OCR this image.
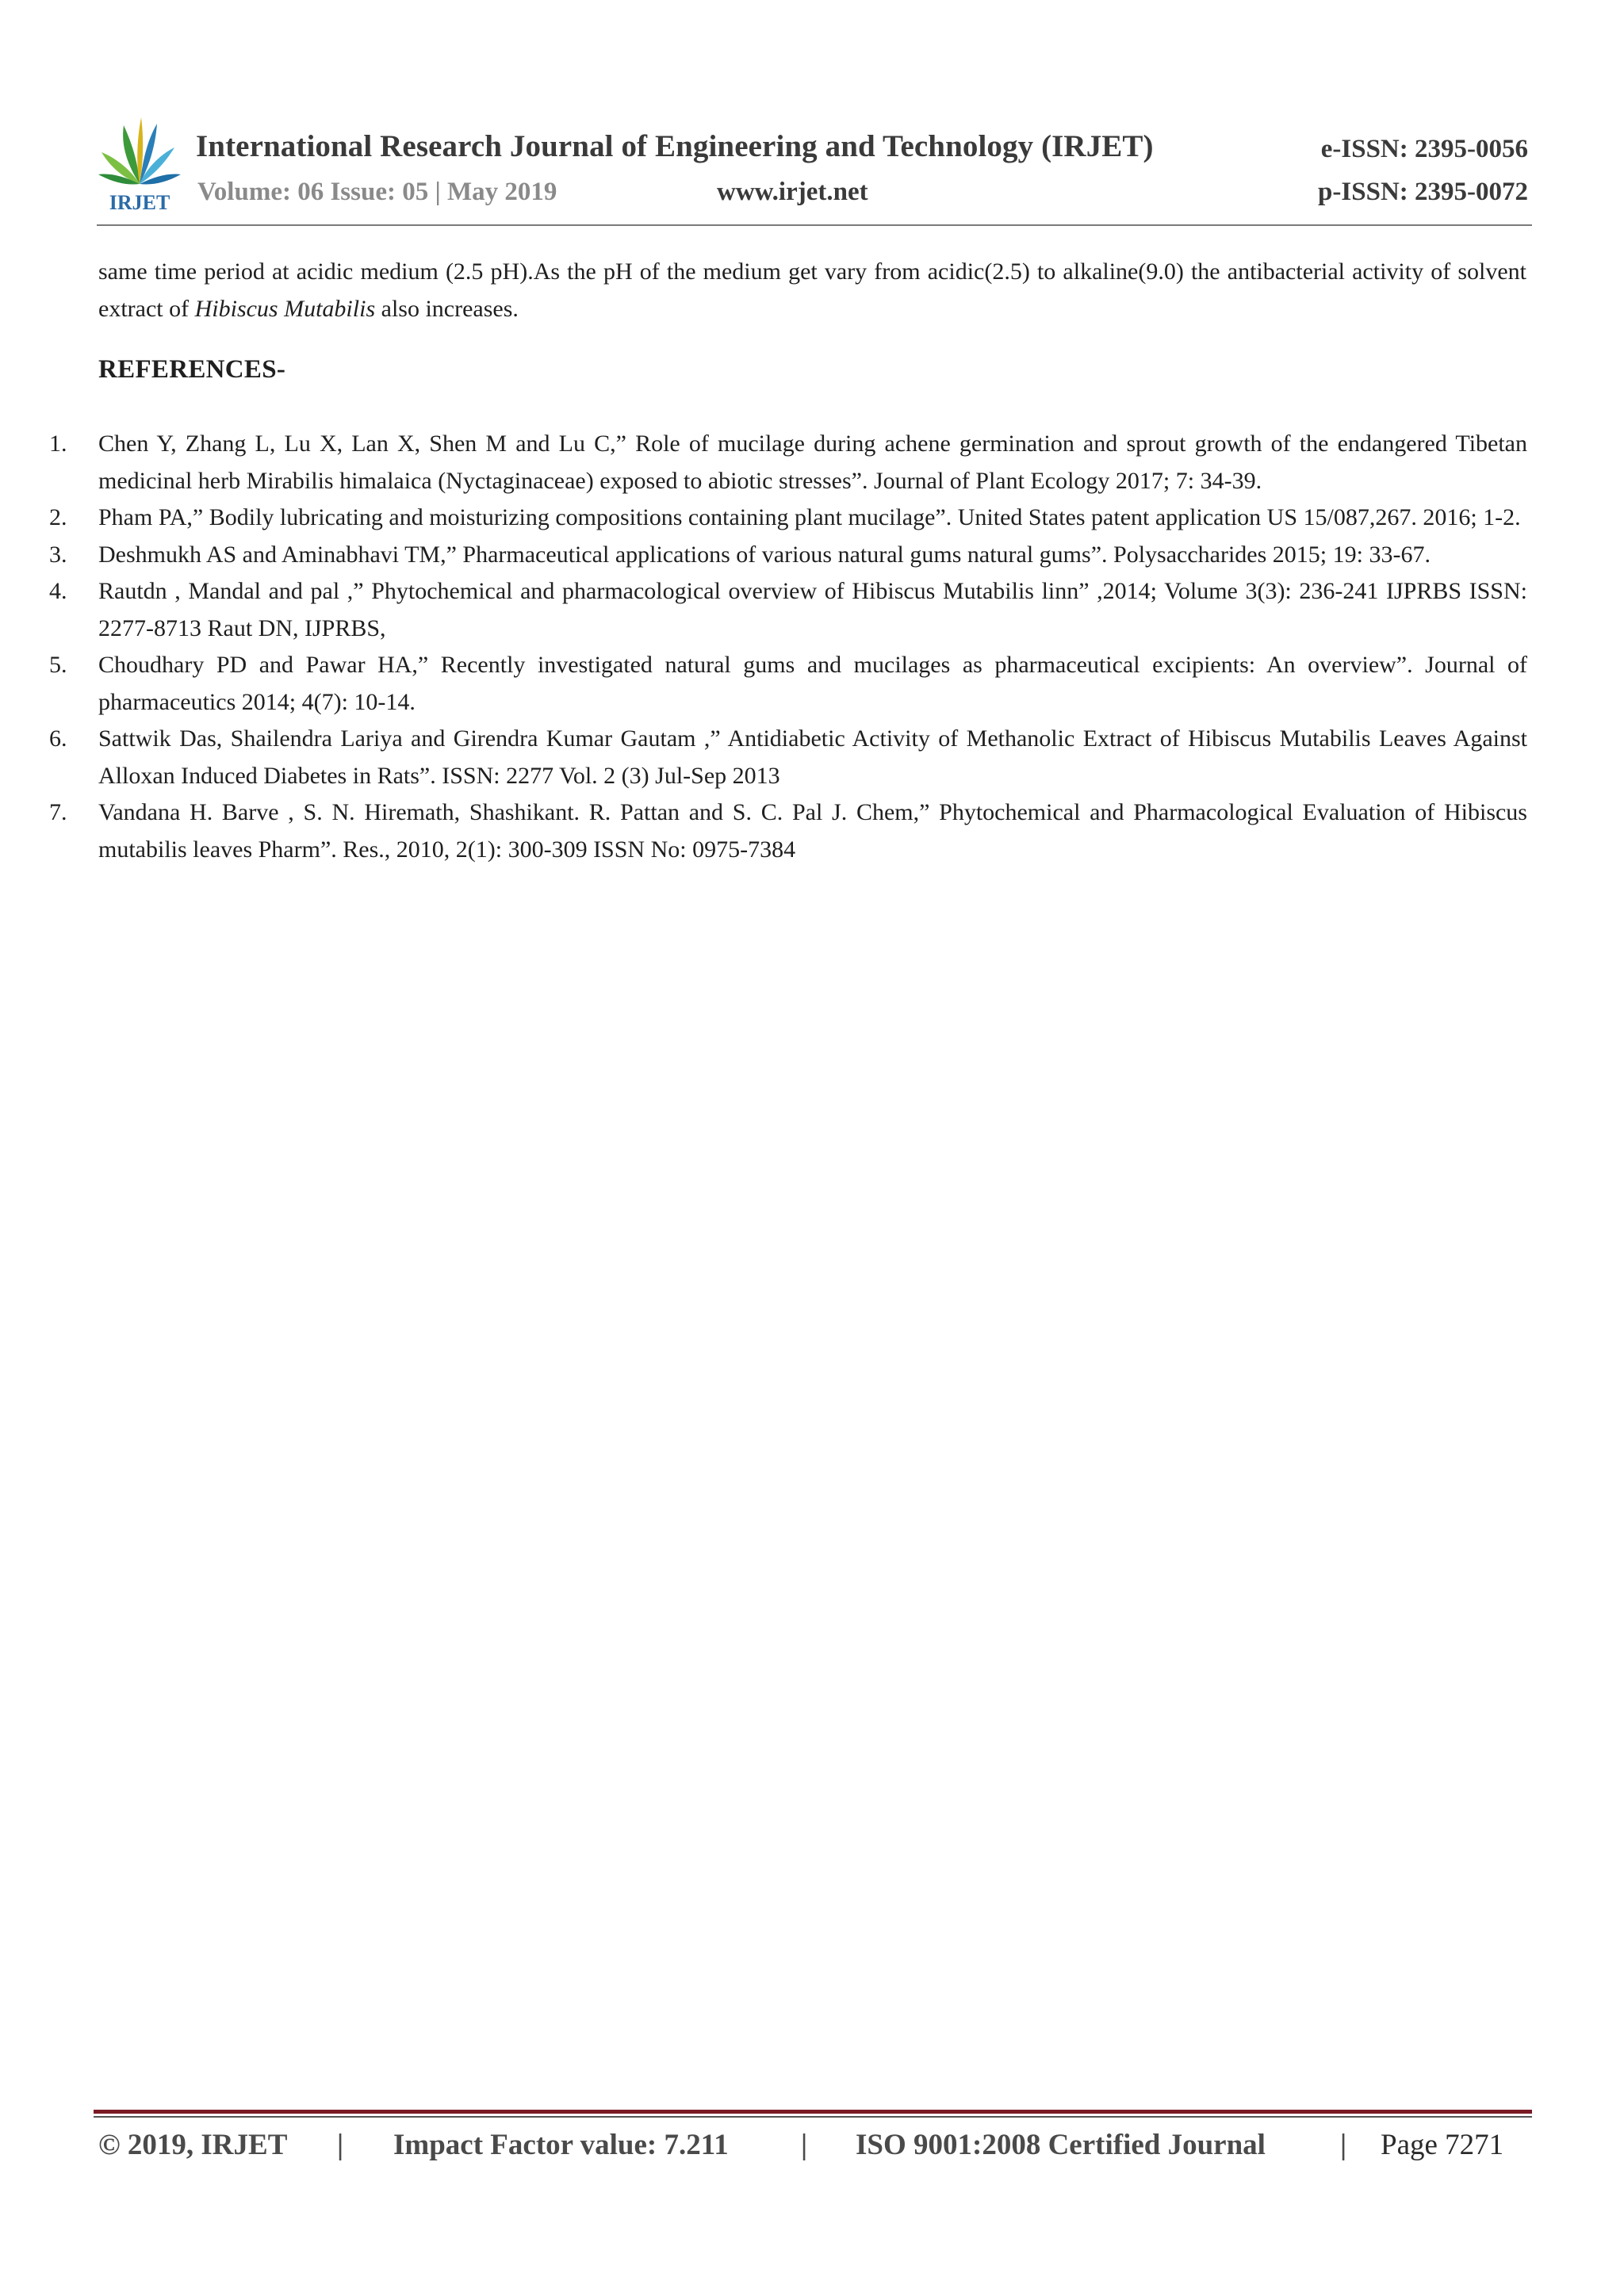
IRJET
International Research Journal of Engineering and Technology (IRJET)	e-ISSN: 2395-0056
Volume: 06 Issue: 05 | May 2019	www.irjet.net	p-ISSN: 2395-0072

same time period at acidic medium (2.5 pH).As the pH of the medium get vary from acidic(2.5) to alkaline(9.0) the antibacterial activity of solvent extract of Hibiscus Mutabilis also increases.

REFERENCES-
1. Chen Y, Zhang L, Lu X, Lan X, Shen M and Lu C,” Role of mucilage during achene germination and sprout growth of the endangered Tibetan medicinal herb Mirabilis himalaica (Nyctaginaceae) exposed to abiotic stresses”. Journal of Plant Ecology 2017; 7: 34-39.
2. Pham PA,” Bodily lubricating and moisturizing compositions containing plant mucilage”. United States patent application US 15/087,267. 2016; 1-2.
3. Deshmukh AS and Aminabhavi TM,” Pharmaceutical applications of various natural gums natural gums”. Polysaccharides 2015; 19: 33-67.
4. Rautdn , Mandal and pal ,” Phytochemical and pharmacological overview of Hibiscus Mutabilis linn” ,2014; Volume 3(3): 236-241 IJPRBS ISSN: 2277-8713 Raut DN, IJPRBS,
5. Choudhary PD and Pawar HA,” Recently investigated natural gums and mucilages as pharmaceutical excipients: An overview”. Journal of pharmaceutics 2014; 4(7): 10-14.
6. Sattwik Das, Shailendra Lariya and Girendra Kumar Gautam ,” Antidiabetic Activity of Methanolic Extract of Hibiscus Mutabilis Leaves Against Alloxan Induced Diabetes in Rats”. ISSN: 2277 Vol. 2 (3) Jul-Sep 2013
7. Vandana H. Barve , S. N. Hiremath, Shashikant. R. Pattan and S. C. Pal J. Chem,” Phytochemical and Pharmacological Evaluation of Hibiscus mutabilis leaves Pharm”. Res., 2010, 2(1): 300-309 ISSN No: 0975-7384
© 2019, IRJET | Impact Factor value: 7.211 | ISO 9001:2008 Certified Journal	| Page 7271
